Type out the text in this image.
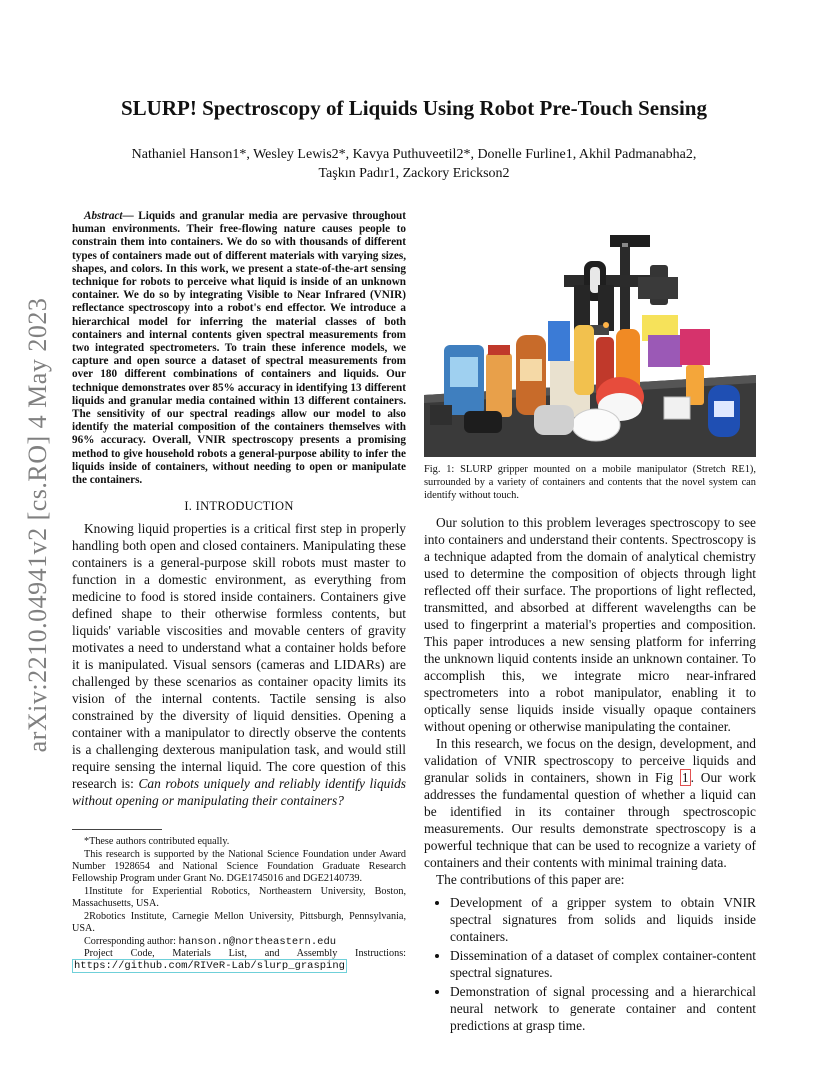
arXiv:2210.04941v2 [cs.RO] 4 May 2023
SLURP! Spectroscopy of Liquids Using Robot Pre-Touch Sensing
Nathaniel Hanson1*, Wesley Lewis2*, Kavya Puthuveetil2*, Donelle Furline1, Akhil Padmanabha2,
Taşkın Padır1, Zackory Erickson2
Abstract— Liquids and granular media are pervasive throughout human environments. Their free-flowing nature causes people to constrain them into containers. We do so with thousands of different types of containers made out of different materials with varying sizes, shapes, and colors. In this work, we present a state-of-the-art sensing technique for robots to perceive what liquid is inside of an unknown container. We do so by integrating Visible to Near Infrared (VNIR) reflectance spectroscopy into a robot's end effector. We introduce a hierarchical model for inferring the material classes of both containers and internal contents given spectral measurements from two integrated spectrometers. To train these inference models, we capture and open source a dataset of spectral measurements from over 180 different combinations of containers and liquids. Our technique demonstrates over 85% accuracy in identifying 13 different liquids and granular media contained within 13 different containers. The sensitivity of our spectral readings allow our model to also identify the material composition of the containers themselves with 96% accuracy. Overall, VNIR spectroscopy presents a promising method to give household robots a general-purpose ability to infer the liquids inside of containers, without needing to open or manipulate the containers.
I. INTRODUCTION

Knowing liquid properties is a critical first step in properly handling both open and closed containers. Manipulating these containers is a general-purpose skill robots must master to function in a domestic environment, as everything from medicine to food is stored inside containers. Containers give defined shape to their otherwise formless contents, but liquids' variable viscosities and movable centers of gravity motivates a need to understand what a container holds before it is manipulated. Visual sensors (cameras and LIDARs) are challenged by these scenarios as container opacity limits its vision of the internal contents. Tactile sensing is also constrained by the diversity of liquid densities. Opening a container with a manipulator to directly observe the contents is a challenging dexterous manipulation task, and would still require sensing the internal liquid. The core question of this research is: Can robots uniquely and reliably identify liquids without opening or manipulating their containers?

*These authors contributed equally.

This research is supported by the National Science Foundation under Award Number 1928654 and National Science Foundation Graduate Research Fellowship Program under Grant No. DGE1745016 and DGE2140739.

1Institute for Experiential Robotics, Northeastern University, Boston, Massachusetts, USA.

2Robotics Institute, Carnegie Mellon University, Pittsburgh, Pennsylvania, USA.

Corresponding author: hanson.n@northeastern.edu

Project Code, Materials List, and Assembly Instructions: https://github.com/RIVeR-Lab/slurp_grasping

Fig. 1: SLURP gripper mounted on a mobile manipulator (Stretch RE1), surrounded by a variety of containers and contents that the novel system can identify without touch.

Our solution to this problem leverages spectroscopy to see into containers and understand their contents. Spectroscopy is a technique adapted from the domain of analytical chemistry used to determine the composition of objects through light reflected off their surface. The proportions of light reflected, transmitted, and absorbed at different wavelengths can be used to fingerprint a material's properties and composition. This paper introduces a new sensing platform for inferring the unknown liquid contents inside an unknown container. To accomplish this, we integrate micro near-infrared spectrometers into a robot manipulator, enabling it to optically sense liquids inside visually opaque containers without opening or otherwise manipulating the container.

In this research, we focus on the design, development, and validation of VNIR spectroscopy to perceive liquids and granular solids in containers, shown in Fig 1 . Our work addresses the fundamental question of whether a liquid can be identified in its container through spectroscopic measurements. Our results demonstrate spectroscopy is a powerful technique that can be used to recognize a variety of containers and their contents with minimal training data.

The contributions of this paper are:

• Development of a gripper system to obtain VNIR spectral signatures from solids and liquids inside containers.
• Dissemination of a dataset of complex container-content spectral signatures.
• Demonstration of signal processing and a hierarchical neural network to generate container and content predictions at grasp time.
